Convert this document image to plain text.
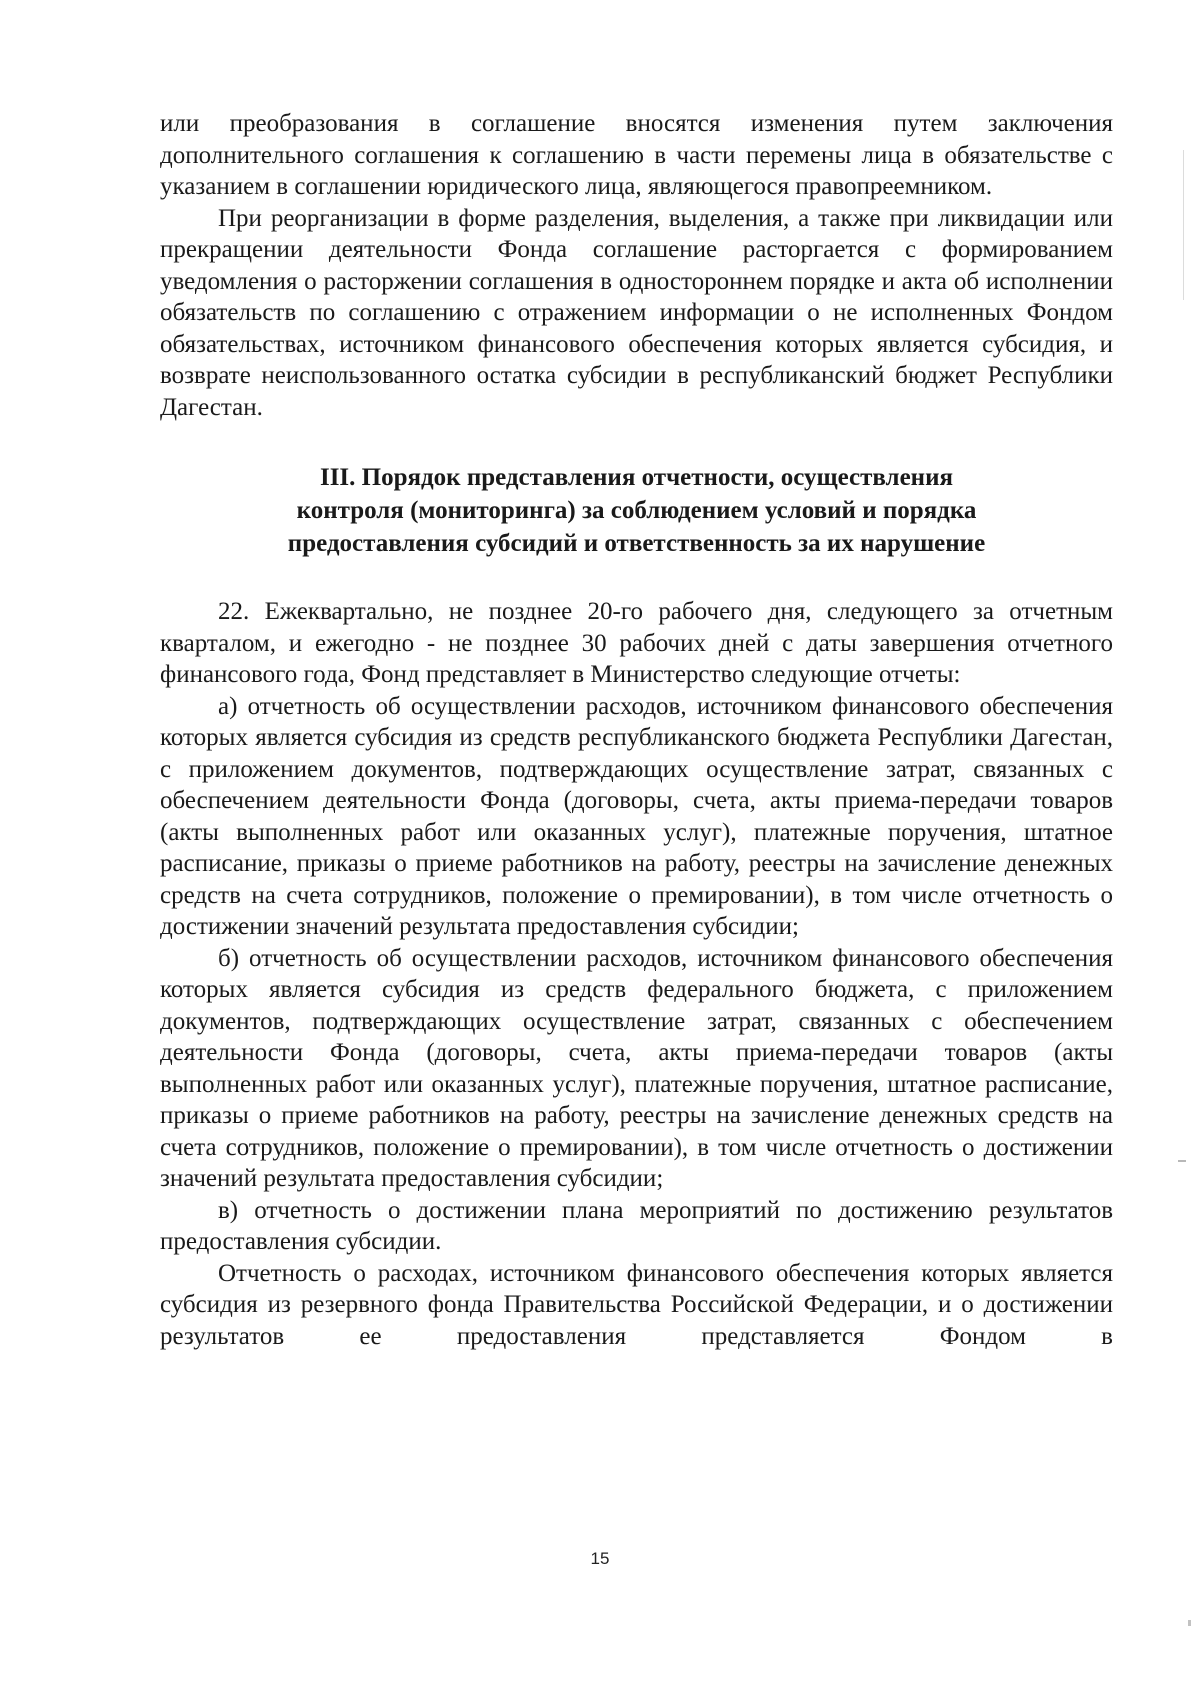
или преобразования в соглашение вносятся изменения путем заключения дополнительного соглашения к соглашению в части перемены лица в обязательстве с указанием в соглашении юридического лица, являющегося правопреемником.

При реорганизации в форме разделения, выделения, а также при ликвидации или прекращении деятельности Фонда соглашение расторгается с формированием уведомления о расторжении соглашения в одностороннем порядке и акта об исполнении обязательств по соглашению с отражением информации о не исполненных Фондом обязательствах, источником финансового обеспечения которых является субсидия, и возврате неиспользованного остатка субсидии в республиканский бюджет Республики Дагестан.

III. Порядок представления отчетности, осуществления
контроля (мониторинга) за соблюдением условий и порядка
предоставления субсидий и ответственность за их нарушение

22. Ежеквартально, не позднее 20-го рабочего дня, следующего за отчетным кварталом, и ежегодно - не позднее 30 рабочих дней с даты завершения отчетного финансового года, Фонд представляет в Министерство следующие отчеты:

а) отчетность об осуществлении расходов, источником финансового обеспечения которых является субсидия из средств республиканского бюджета Республики Дагестан, с приложением документов, подтверждающих осуществление затрат, связанных с обеспечением деятельности Фонда (договоры, счета, акты приема-передачи товаров (акты выполненных работ или оказанных услуг), платежные поручения, штатное расписание, приказы о приеме работников на работу, реестры на зачисление денежных средств на счета сотрудников, положение о премировании), в том числе отчетность о достижении значений результата предоставления субсидии;

б) отчетность об осуществлении расходов, источником финансового обеспечения которых является субсидия из средств федерального бюджета, с приложением документов, подтверждающих осуществление затрат, связанных с обеспечением деятельности Фонда (договоры, счета, акты приема-передачи товаров (акты выполненных работ или оказанных услуг), платежные поручения, штатное расписание, приказы о приеме работников на работу, реестры на зачисление денежных средств на счета сотрудников, положение о премировании), в том числе отчетность о достижении значений результата предоставления субсидии;

в) отчетность о достижении плана мероприятий по достижению результатов предоставления субсидии.

Отчетность о расходах, источником финансового обеспечения которых является субсидия из резервного фонда Правительства Российской Федерации, и о достижении результатов ее предоставления представляется Фондом в

15
